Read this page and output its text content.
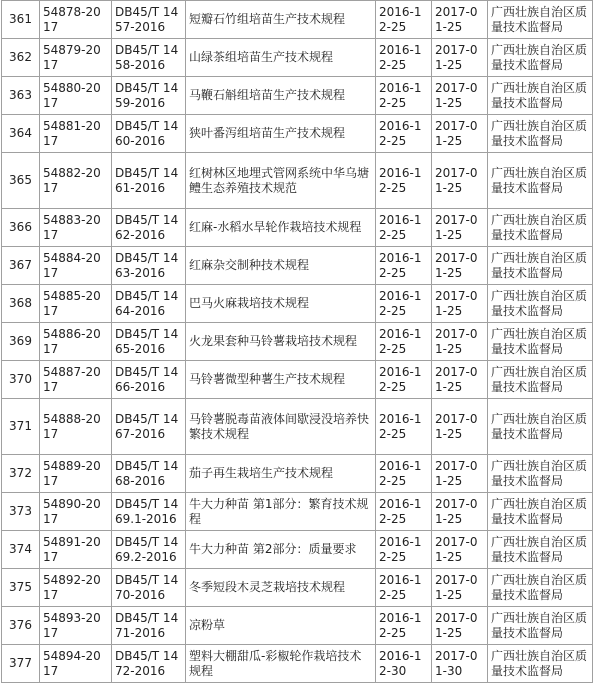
361	54878-2017	DB45/T 1457-2016	短瓣石竹组培苗生产技术规程	2016-12-25	2017-01-25	广西壮族自治区质量技术监督局
362	54879-2017	DB45/T 1458-2016	山绿茶组培苗生产技术规程	2016-12-25	2017-01-25	广西壮族自治区质量技术监督局
363	54880-2017	DB45/T 1459-2016	马鞭石斛组培苗生产技术规程	2016-12-25	2017-01-25	广西壮族自治区质量技术监督局
364	54881-2017	DB45/T 1460-2016	狭叶番泻组培苗生产技术规程	2016-12-25	2017-01-25	广西壮族自治区质量技术监督局
365	54882-2017	DB45/T 1461-2016	红树林区地埋式管网系统中华乌塘鳢生态养殖技术规范	2016-12-25	2017-01-25	广西壮族自治区质量技术监督局
366	54883-2017	DB45/T 1462-2016	红麻-水稻水旱轮作栽培技术规程	2016-12-25	2017-01-25	广西壮族自治区质量技术监督局
367	54884-2017	DB45/T 1463-2016	红麻杂交制种技术规程	2016-12-25	2017-01-25	广西壮族自治区质量技术监督局
368	54885-2017	DB45/T 1464-2016	巴马火麻栽培技术规程	2016-12-25	2017-01-25	广西壮族自治区质量技术监督局
369	54886-2017	DB45/T 1465-2016	火龙果套种马铃薯栽培技术规程	2016-12-25	2017-01-25	广西壮族自治区质量技术监督局
370	54887-2017	DB45/T 1466-2016	马铃薯微型种薯生产技术规程	2016-12-25	2017-01-25	广西壮族自治区质量技术监督局
371	54888-2017	DB45/T 1467-2016	马铃薯脱毒苗液体间歇浸没培养快繁技术规程	2016-12-25	2017-01-25	广西壮族自治区质量技术监督局
372	54889-2017	DB45/T 1468-2016	茄子再生栽培生产技术规程	2016-12-25	2017-01-25	广西壮族自治区质量技术监督局
373	54890-2017	DB45/T 1469.1-2016	牛大力种苗 第1部分：繁育技术规程	2016-12-25	2017-01-25	广西壮族自治区质量技术监督局
374	54891-2017	DB45/T 1469.2-2016	牛大力种苗 第2部分：质量要求	2016-12-25	2017-01-25	广西壮族自治区质量技术监督局
375	54892-2017	DB45/T 1470-2016	冬季短段木灵芝栽培技术规程	2016-12-25	2017-01-25	广西壮族自治区质量技术监督局
376	54893-2017	DB45/T 1471-2016	凉粉草	2016-12-25	2017-01-25	广西壮族自治区质量技术监督局
377	54894-2017	DB45/T 1472-2016	塑料大棚甜瓜-彩椒轮作栽培技术规程	2016-12-30	2017-01-30	广西壮族自治区质量技术监督局
